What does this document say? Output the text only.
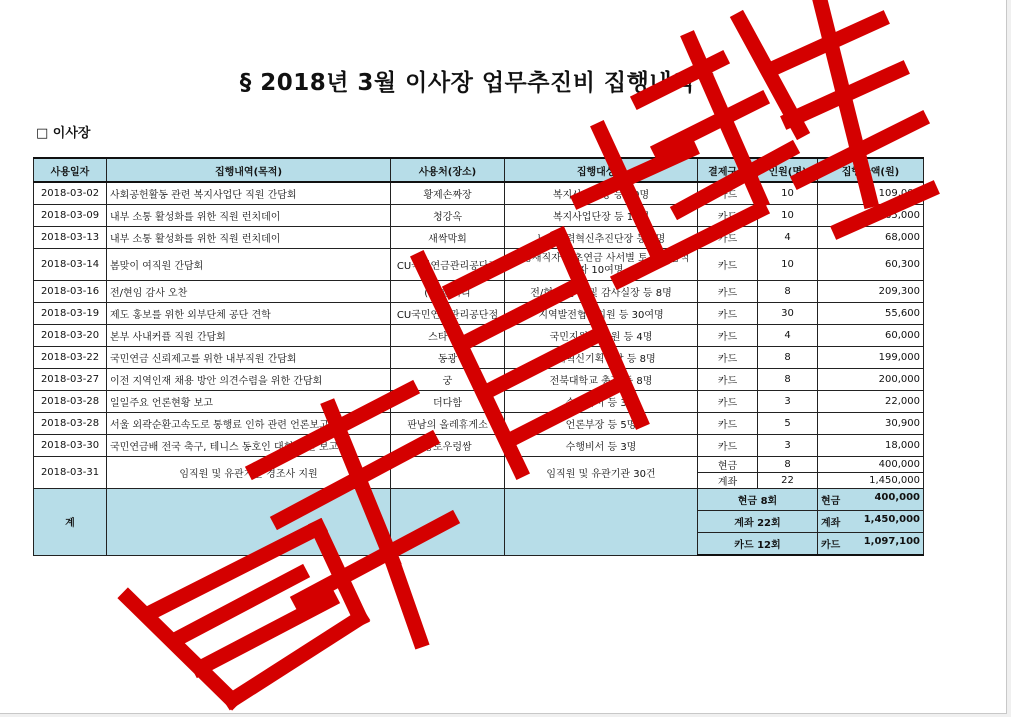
§ 2018년 3월 이사장 업무추진비 집행내역 §
□ 이사장
사용일자	집행내역(목적)	사용처(장소)	집행대상자	결제구분	인원(명)	집행금액(원)
2018-03-02	사회공헌활동 관련 복지사업단 직원 간담회	황제손짜장	복지사업단장 등 10명	카드	10	109,000
2018-03-09	내부 소통 활성화를 위한 직원 런치데이	청강옥	복지사업단장 등 10명	카드	10	65,000
2018-03-13	내부 소통 활성화를 위한 직원 런치데이	새싹막회	노사협력혁신추진단장 등 4명	카드	4	68,000
2018-03-14	봄맞이 여직원 간담회	CU국민연금관리공단점	여성재직자 기초연금 사서별 토론회 참석자 10여명	카드	10	60,300
2018-03-16	전/현임 감사 오찬	(주)한미리	전/현임 감사 및 감사실장 등 8명	카드	8	209,300
2018-03-19	제도 홍보를 위한 외부단체 공단 견학	CU국민연금관리공단점	지역발전협의회원 등 30여명	카드	30	55,600
2018-03-20	본부 사내커플 직원 간담회	스타벅스	국민지원실 직원 등 4명	카드	4	60,000
2018-03-22	국민연금 신뢰제고를 위한 내부직원 간담회	동광	미래혁신기획단장 등 8명	카드	8	199,000
2018-03-27	이전 지역인재 채용 방안 의견수렴을 위한 간담회	궁	전북대학교 총장 등 8명	카드	8	200,000
2018-03-28	일일주요 언론현황 보고	더다함	수행비서 등 3명	카드	3	22,000
2018-03-28	서울 외곽순환고속도로 통행료 인하 관련 언론보고	판남의 올레휴게소	언론부장 등 5명	카드	5	30,900
2018-03-30	국민연금배 전국 축구, 테니스 동호인 대회 관련 보고	황토우렁쌈	수행비서 등 3명	카드	3	18,000
2018-03-31	임직원 및 유관기관 경조사 지원		임직원 및 유관기관 30건	현금	8	400,000
				계좌	22	1,450,000
계				현금 8회		현금 400,000

				계좌 22회		계좌 1,450,000

				카드 12회		카드 1,097,100
